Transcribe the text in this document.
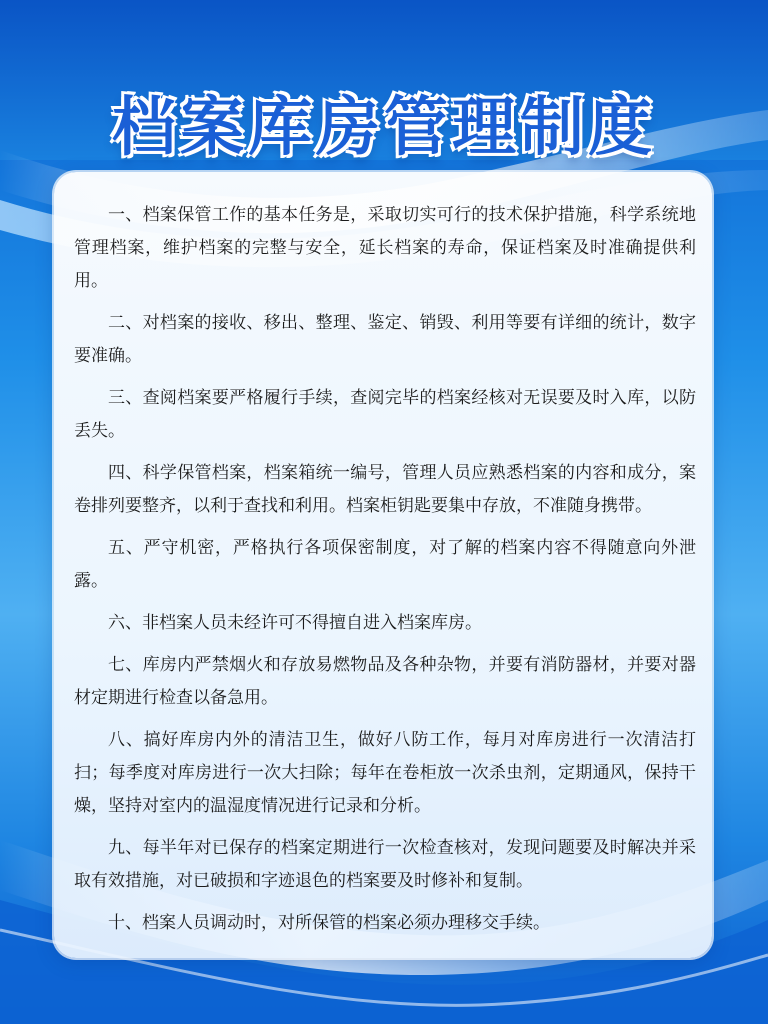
档案库房管理制度

一、档案保管工作的基本任务是，采取切实可行的技术保护措施，科学系统地管理档案，维护档案的完整与安全，延长档案的寿命，保证档案及时准确提供利用。

二、对档案的接收、移出、整理、鉴定、销毁、利用等要有详细的统计，数字要准确。

三、查阅档案要严格履行手续，查阅完毕的档案经核对无误要及时入库，以防丢失。

四、科学保管档案，档案箱统一编号，管理人员应熟悉档案的内容和成分，案卷排列要整齐，以利于查找和利用。档案柜钥匙要集中存放，不准随身携带。

五、严守机密，严格执行各项保密制度，对了解的档案内容不得随意向外泄露。

六、非档案人员未经许可不得擅自进入档案库房。

七、库房内严禁烟火和存放易燃物品及各种杂物，并要有消防器材，并要对器材定期进行检查以备急用。

八、搞好库房内外的清洁卫生，做好八防工作，每月对库房进行一次清洁打扫；每季度对库房进行一次大扫除；每年在卷柜放一次杀虫剂，定期通风，保持干燥，坚持对室内的温湿度情况进行记录和分析。

九、每半年对已保存的档案定期进行一次检查核对，发现问题要及时解决并采取有效措施，对已破损和字迹退色的档案要及时修补和复制。

十、档案人员调动时，对所保管的档案必须办理移交手续。
